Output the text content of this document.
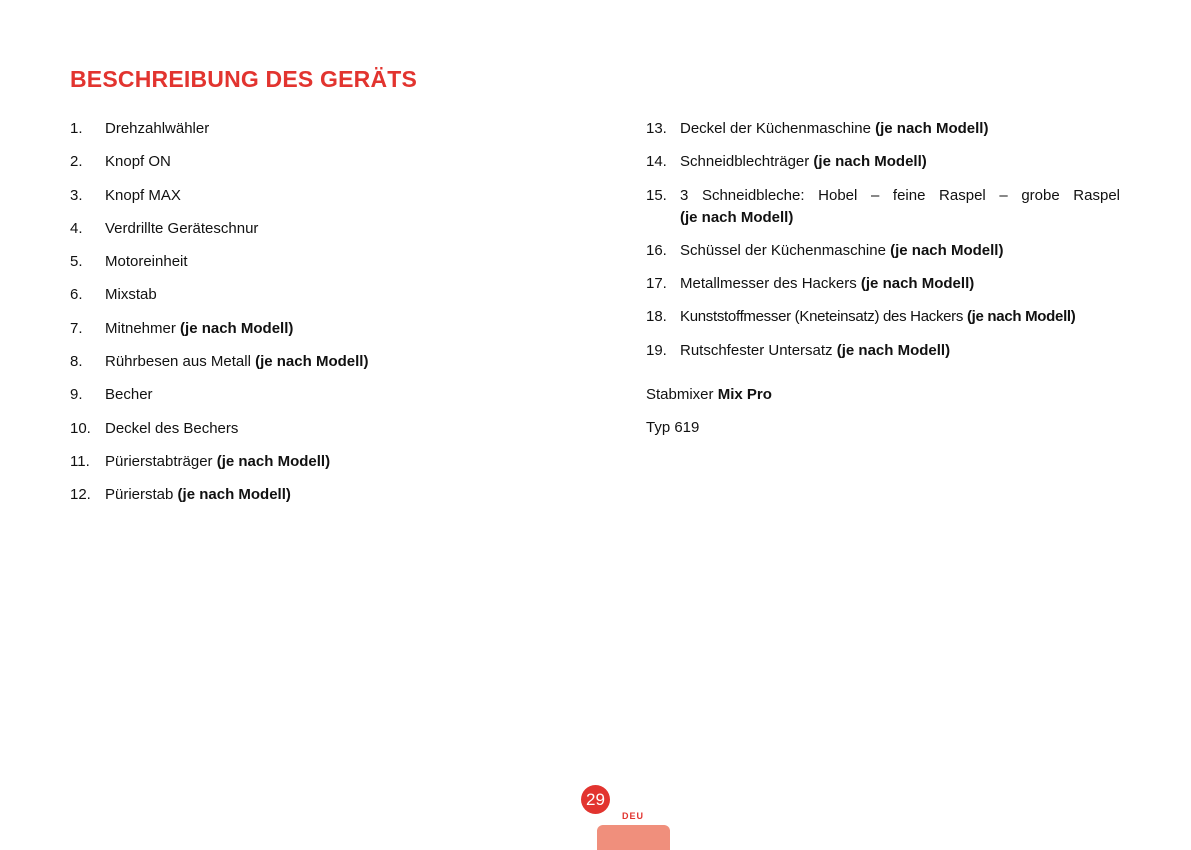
BESCHREIBUNG DES GERÄTS
1.	Drehzahlwähler
2.	Knopf ON
3.	Knopf MAX
4.	Verdrillte Geräteschnur
5.	Motoreinheit
6.	Mixstab
7.	Mitnehmer (je nach Modell)
8.	Rührbesen aus Metall (je nach Modell)
9.	Becher
10. Deckel des Bechers
11.	Pürierstabträger (je nach Modell)
12. Pürierstab (je nach Modell)
13. Deckel der Küchenmaschine (je nach Modell)
14. Schneidblechträger (je nach Modell)
15. 3 Schneidbleche: Hobel – feine Raspel – grobe Raspel
(je nach Modell)
16. Schüssel der Küchenmaschine (je nach Modell)
17. Metallmesser des Hackers (je nach Modell)
18. Kunststoffmesser (Kneteinsatz) des Hackers (je nach Modell)
19. Rutschfester Untersatz (je nach Modell)
Stabmixer Mix Pro
Typ 619
29
DEU
